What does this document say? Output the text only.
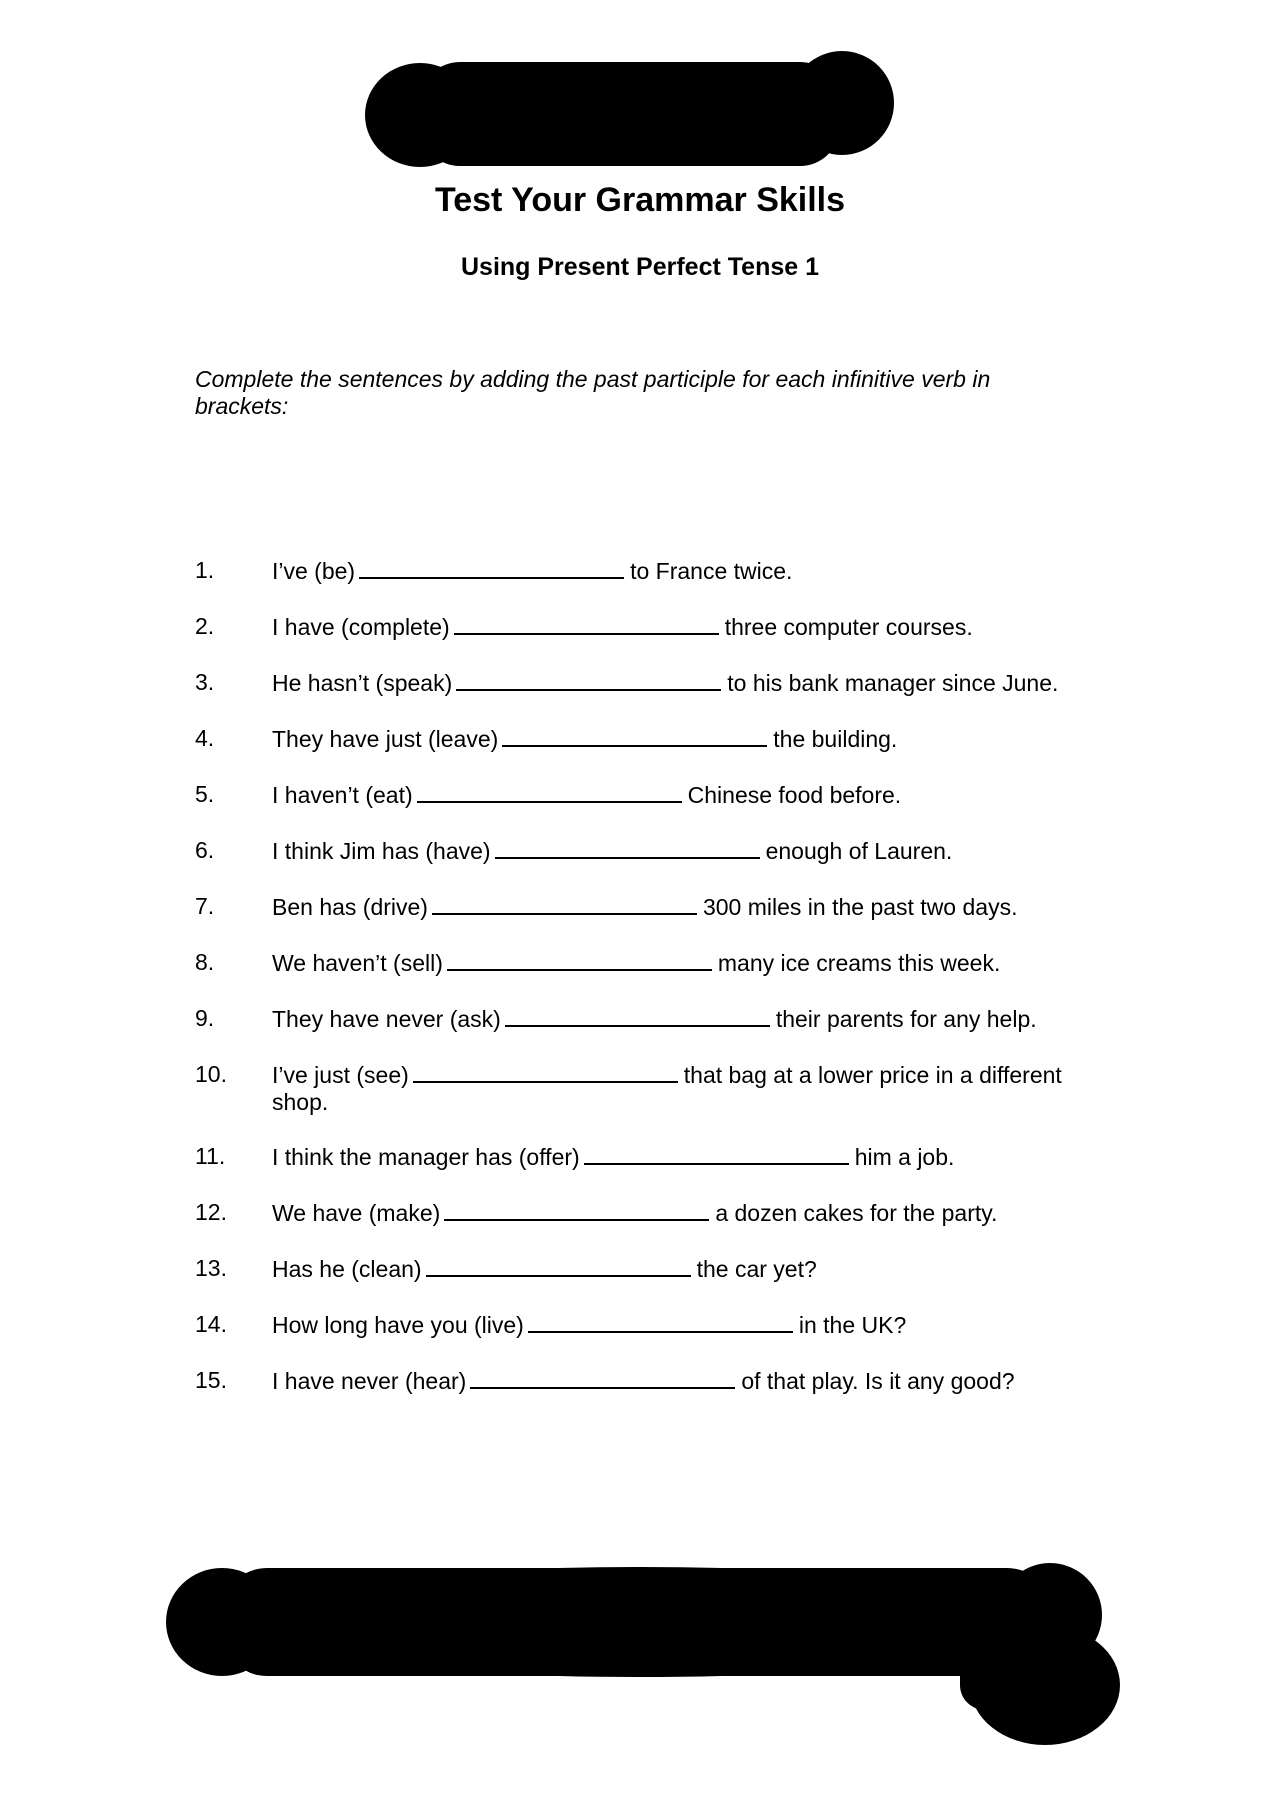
Test Your Grammar Skills
Using Present Perfect Tense 1
Complete the sentences by adding the past participle for each infinitive verb in brackets:
1.	I’ve (be)	to France twice.
2.	I have (complete)	three computer courses.
3.	He hasn’t (speak)	to his bank manager since June.
4.	They have just (leave)	the building.
5.	I haven’t (eat)	Chinese food before.
6.	I think Jim has (have)	enough of Lauren.
7.	Ben has (drive)	300 miles in the past two days.
8.	We haven’t (sell)	many ice creams this week.
9.	They have never (ask)	their parents for any help.
10. I’ve just (see)	that bag at a lower price in a different shop.
11. I think the manager has (offer)	him a job.
12. We have (make)	a dozen cakes for the party.
13. Has he (clean)	the car yet?
14. How long have you (live)	in the UK?
15. I have never (hear)	of that play. Is it any good?
